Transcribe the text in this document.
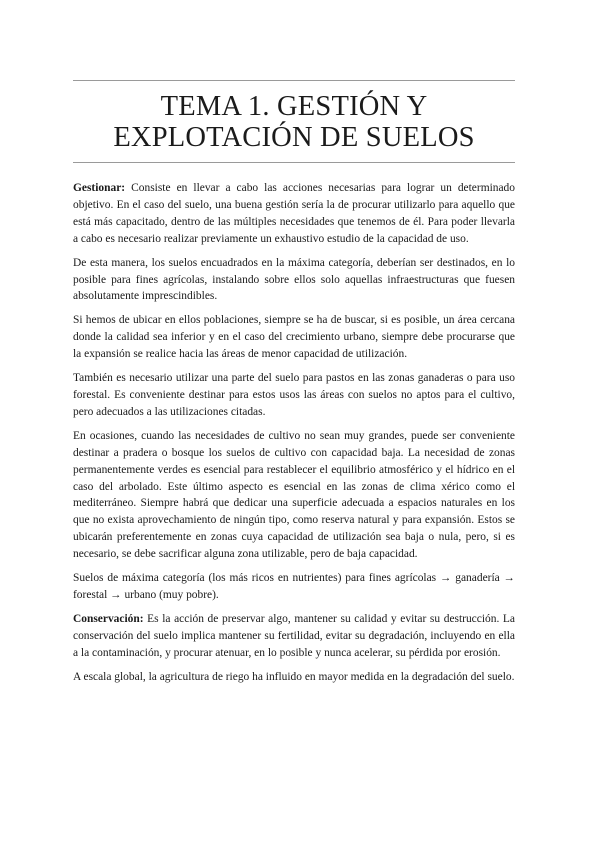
TEMA 1. GESTIÓN Y EXPLOTACIÓN DE SUELOS

Gestionar: Consiste en llevar a cabo las acciones necesarias para lograr un determinado objetivo. En el caso del suelo, una buena gestión sería la de procurar utilizarlo para aquello que está más capacitado, dentro de las múltiples necesidades que tenemos de él. Para poder llevarla a cabo es necesario realizar previamente un exhaustivo estudio de la capacidad de uso.

De esta manera, los suelos encuadrados en la máxima categoría, deberían ser destinados, en lo posible para fines agrícolas, instalando sobre ellos solo aquellas infraestructuras que fuesen absolutamente imprescindibles.

Si hemos de ubicar en ellos poblaciones, siempre se ha de buscar, si es posible, un área cercana donde la calidad sea inferior y en el caso del crecimiento urbano, siempre debe procurarse que la expansión se realice hacia las áreas de menor capacidad de utilización.

También es necesario utilizar una parte del suelo para pastos en las zonas ganaderas o para uso forestal. Es conveniente destinar para estos usos las áreas con suelos no aptos para el cultivo, pero adecuados a las utilizaciones citadas.

En ocasiones, cuando las necesidades de cultivo no sean muy grandes, puede ser conveniente destinar a pradera o bosque los suelos de cultivo con capacidad baja. La necesidad de zonas permanentemente verdes es esencial para restablecer el equilibrio atmosférico y el hídrico en el caso del arbolado. Este último aspecto es esencial en las zonas de clima xérico como el mediterráneo. Siempre habrá que dedicar una superficie adecuada a espacios naturales en los que no exista aprovechamiento de ningún tipo, como reserva natural y para expansión. Estos se ubicarán preferentemente en zonas cuya capacidad de utilización sea baja o nula, pero, si es necesario, se debe sacrificar alguna zona utilizable, pero de baja capacidad.

Suelos de máxima categoría (los más ricos en nutrientes) para fines agrícolas → ganadería → forestal → urbano (muy pobre).

Conservación: Es la acción de preservar algo, mantener su calidad y evitar su destrucción. La conservación del suelo implica mantener su fertilidad, evitar su degradación, incluyendo en ella a la contaminación, y procurar atenuar, en lo posible y nunca acelerar, su pérdida por erosión.

A escala global, la agricultura de riego ha influido en mayor medida en la degradación del suelo.
